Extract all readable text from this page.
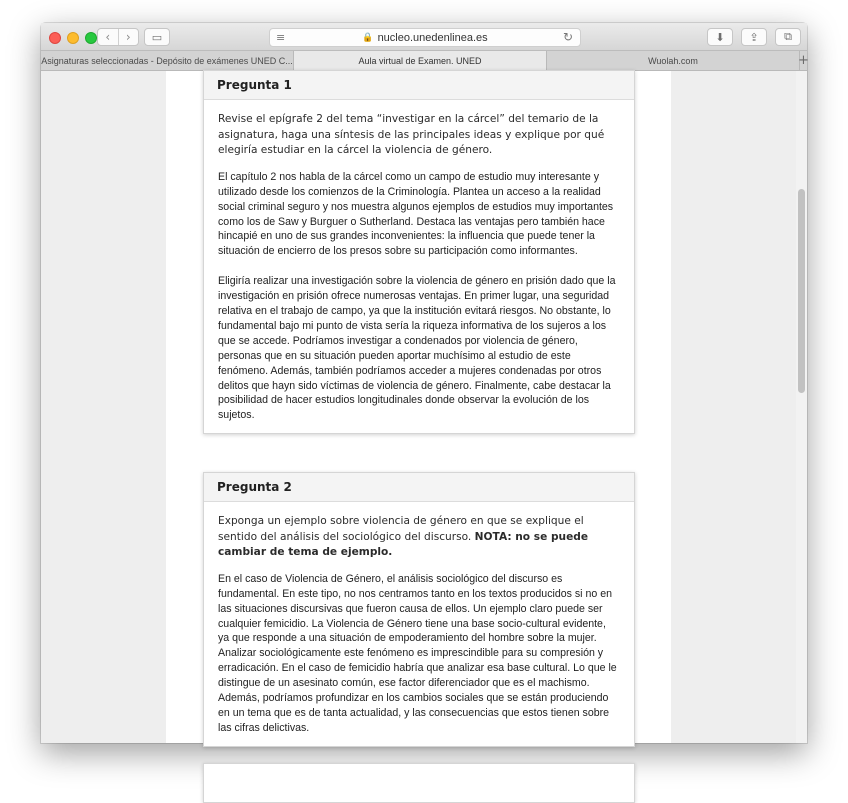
‹	›	▭	≡	🔒 nucleo.unedenlinea.es	↻	⬇ ⇪ ⧉
Asignaturas seleccionadas - Depósito de exámenes UNED C...	Aula virtual de Examen. UNED	Wuolah.com	+
Pregunta 1

Revise el epígrafe 2 del tema “investigar en la cárcel” del temario de la asignatura, haga una síntesis de las principales ideas y explique por qué elegiría estudiar en la cárcel la violencia de género.

El capítulo 2 nos habla de la cárcel como un campo de estudio muy interesante y utilizado desde los comienzos de la Criminología. Plantea un acceso a la realidad social criminal seguro y nos muestra algunos ejemplos de estudios muy importantes como los de Saw y Burguer o Sutherland. Destaca las ventajas pero también hace hincapié en uno de sus grandes inconvenientes: la influencia que puede tener la situación de encierro de los presos sobre su participación como informantes.

Eligiría realizar una investigación sobre la violencia de género en prisión dado que la investigación en prisión ofrece numerosas ventajas. En primer lugar, una seguridad relativa en el trabajo de campo, ya que la institución evitará riesgos. No obstante, lo fundamental bajo mi punto de vista sería la riqueza informativa de los sujeros a los que se accede. Podríamos investigar a condenados por violencia de género, personas que en su situación pueden aportar muchísimo al estudio de este fenómeno. Además, también podríamos acceder a mujeres condenadas por otros delitos que hayn sido víctimas de violencia de género. Finalmente, cabe destacar la posibilidad de hacer estudios longitudinales donde observar la evolución de los sujetos.

Pregunta 2

Exponga un ejemplo sobre violencia de género en que se explique el sentido del análisis del sociológico del discurso. NOTA: no se puede cambiar de tema de ejemplo.

En el caso de Violencia de Género, el análisis sociológico del discurso es fundamental. En este tipo, no nos centramos tanto en los textos producidos si no en las situaciones discursivas que fueron causa de ellos. Un ejemplo claro puede ser cualquier femicidio. La Violencia de Género tiene una base socio-cultural evidente, ya que responde a una situación de empoderamiento del hombre sobre la mujer. Analizar sociológicamente este fenómeno es imprescindible para su compresión y erradicación. En el caso de femicidio habría que analizar esa base cultural. Lo que le distingue de un asesinato común, ese factor diferenciador que es el machismo. Además, podríamos profundizar en los cambios sociales que se están produciendo en un tema que es de tanta actualidad, y las consecuencias que estos tienen sobre las cifras delictivas.
